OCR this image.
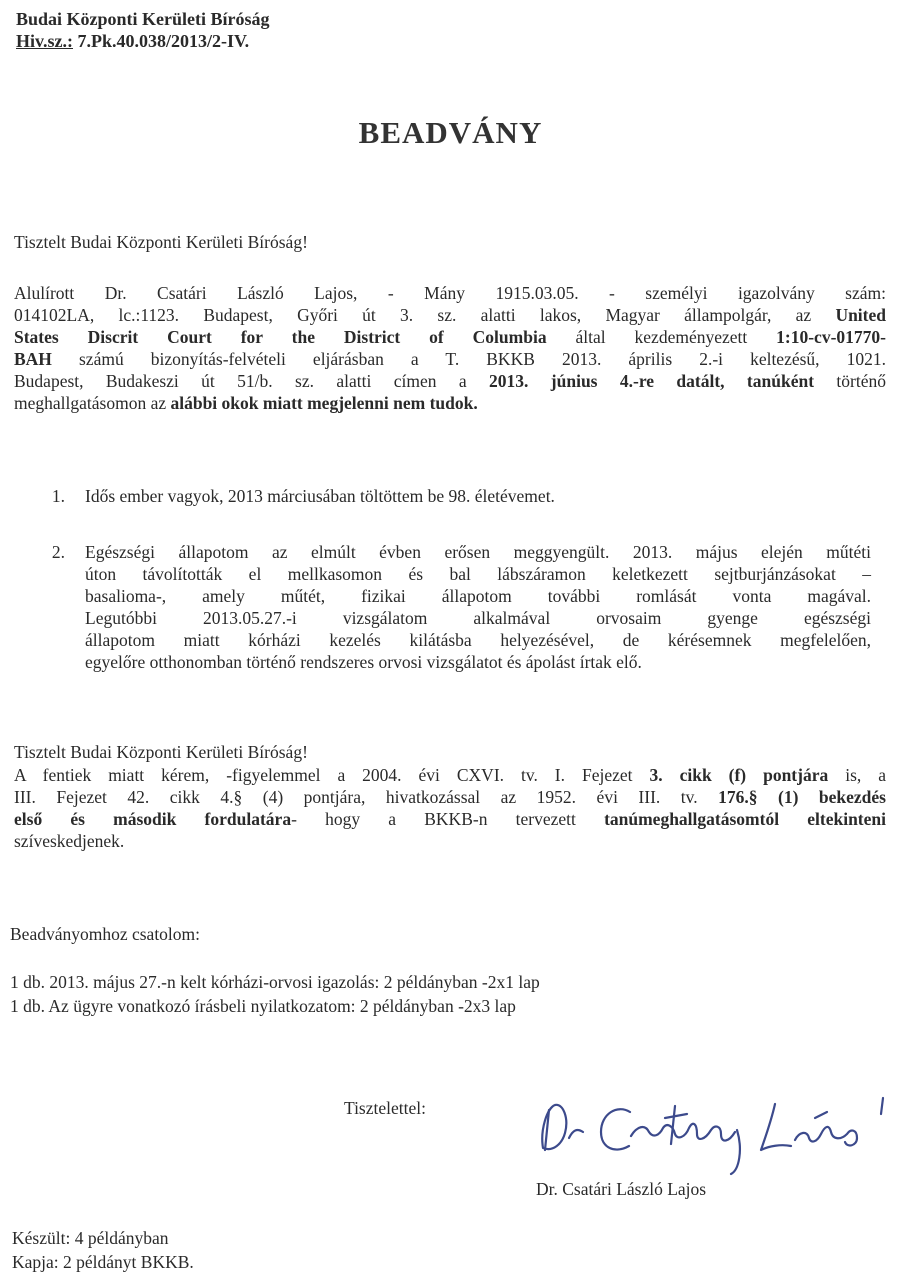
Budai Központi Kerületi Bíróság
Hiv.sz.: 7.Pk.40.038/2013/2-IV.
BEADVÁNY
Tisztelt Budai Központi Kerületi Bíróság!
Alulírott Dr. Csatári László Lajos, - Mány 1915.03.05. - személyi igazolvány szám:
014102LA, lc.:1123. Budapest, Győri út 3. sz. alatti lakos, Magyar állampolgár, az United
States Discrit Court for the District of Columbia által kezdeményezett 1:10-cv-01770-
BAH számú bizonyítás-felvételi eljárásban a T. BKKB 2013. április 2.-i keltezésű, 1021.
Budapest, Budakeszi út 51/b. sz. alatti címen a 2013. június 4.-re datált, tanúként történő
meghallgatásomon az alábbi okok miatt megjelenni nem tudok.
1. Idős ember vagyok, 2013 márciusában töltöttem be 98. életévemet.
2. Egészségi állapotom az elmúlt évben erősen meggyengült. 2013. május elején műtéti
úton távolították el mellkasomon és bal lábszáramon keletkezett sejtburjánzásokat –
basalioma-, amely műtét, fizikai állapotom további romlását vonta magával.
Legutóbbi 2013.05.27.-i vizsgálatom alkalmával orvosaim gyenge egészségi
állapotom miatt kórházi kezelés kilátásba helyezésével, de kérésemnek megfelelően,
egyelőre otthonomban történő rendszeres orvosi vizsgálatot és ápolást írtak elő.
Tisztelt Budai Központi Kerületi Bíróság!
A fentiek miatt kérem, -figyelemmel a 2004. évi CXVI. tv. I. Fejezet 3. cikk (f) pontjára is, a
III. Fejezet 42. cikk 4.§ (4) pontjára, hivatkozással az 1952. évi III. tv. 176.§ (1) bekezdés
első és második fordulatára- hogy a BKKB-n tervezett tanúmeghallgatásomtól eltekinteni
szíveskedjenek.
Beadványomhoz csatolom:
1 db. 2013. május 27.-n kelt kórházi-orvosi igazolás: 2 példányban -2x1 lap
1 db. Az ügyre vonatkozó írásbeli nyilatkozatom: 2 példányban -2x3 lap
Tisztelettel:
Dr. Csatári László Lajos
Készült: 4 példányban
Kapja: 2 példányt BKKB.
